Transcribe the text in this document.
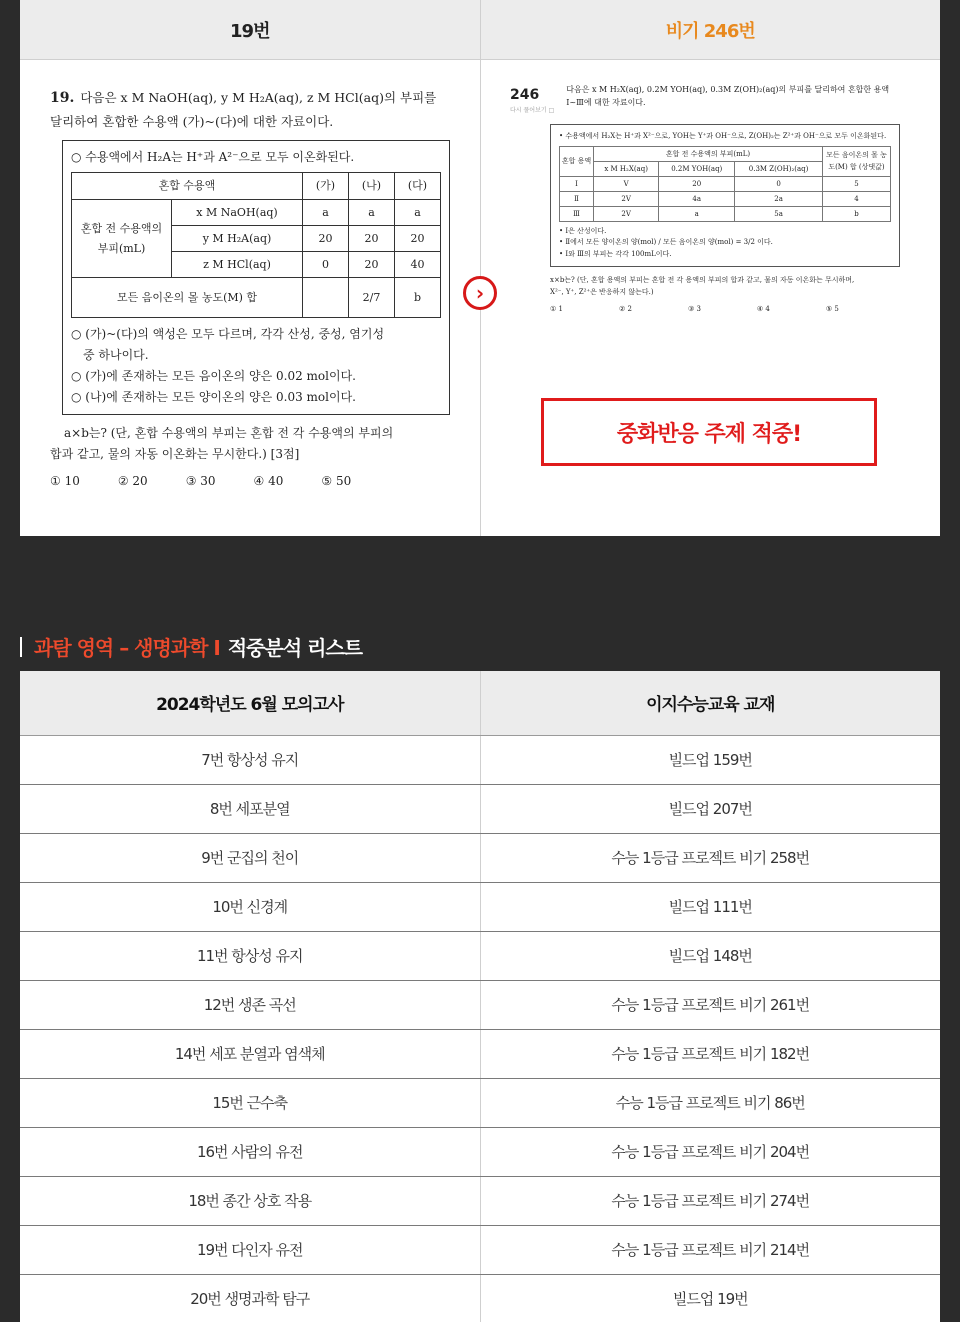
19번	비기 246번
19. 다음은 x M NaOH(aq), y M H₂A(aq), z M HCl(aq)의 부피를
달리하여 혼합한 수용액 (가)~(다)에 대한 자료이다.
○ 수용액에서 H₂A는 H⁺과 A²⁻으로 모두 이온화된다.
혼합 수용액		(가)	(나)	(다)
혼합 전 수용액의 부피(mL)	x M NaOH(aq)	a	a	a
	y M H₂A(aq)	20	20	20
	z M HCl(aq)	0	20	40
모든 음이온의 몰 농도(M) 합			2/7	b
○ (가)~(다)의 액성은 모두 다르며, 각각 산성, 중성, 염기성
중 하나이다.
○ (가)에 존재하는 모든 음이온의 양은 0.02 mol이다.
○ (나)에 존재하는 모든 양이온의 양은 0.03 mol이다.
a×b는? (단, 혼합 수용액의 부피는 혼합 전 각 수용액의 부피의
합과 같고, 물의 자동 이온화는 무시한다.) [3점]
① 10	② 20	③ 30	④ 40	⑤ 50
›
246
다시 풀어보기 □
다음은 x M H₂X(aq), 0.2M YOH(aq), 0.3M Z(OH)₂(aq)의 부피를 달리하여 혼합한 용액
Ⅰ~Ⅲ에 대한 자료이다.
• 수용액에서 H₂X는 H⁺과 X²⁻으로, YOH는 Y⁺과 OH⁻으로, Z(OH)₂는 Z²⁺과 OH⁻으로 모두 이온화된다.
혼합 용액	혼합 전 수용액의 부피(mL)			모든 음이온의 몰 농도(M) 합 (상댓값)
	x M H₂X(aq)	0.2M YOH(aq)	0.3M Z(OH)₂(aq)	
Ⅰ	V	20	0	5
Ⅱ	2V	4a	2a	4
Ⅲ	2V	a	5a	b
• Ⅰ은 산성이다.
• Ⅱ에서 모든 양이온의 양(mol) / 모든 음이온의 양(mol) = 3/2 이다.
• Ⅰ와 Ⅲ의 부피는 각각 100mL이다.
x×b는? (단, 혼합 용액의 부피는 혼합 전 각 용액의 부피의 합과 같고, 물의 자동 이온화는 무시하며,
X²⁻, Y⁺, Z²⁺은 반응하지 않는다.)
① 1	② 2	③ 3	④ 4	⑤ 5
중화반응 주제 적중!
과탐 영역 – 생명과학 I 적중분석 리스트
2024학년도 6월 모의고사	이지수능교육 교재
7번 항상성 유지	빌드업 159번
8번 세포분열	빌드업 207번
9번 군집의 천이	수능 1등급 프로젝트 비기 258번
10번 신경계	빌드업 111번
11번 항상성 유지	빌드업 148번
12번 생존 곡선	수능 1등급 프로젝트 비기 261번
14번 세포 분열과 염색체	수능 1등급 프로젝트 비기 182번
15번 근수축	수능 1등급 프로젝트 비기 86번
16번 사람의 유전	수능 1등급 프로젝트 비기 204번
18번 종간 상호 작용	수능 1등급 프로젝트 비기 274번
19번 다인자 유전	수능 1등급 프로젝트 비기 214번
20번 생명과학 탐구	빌드업 19번
